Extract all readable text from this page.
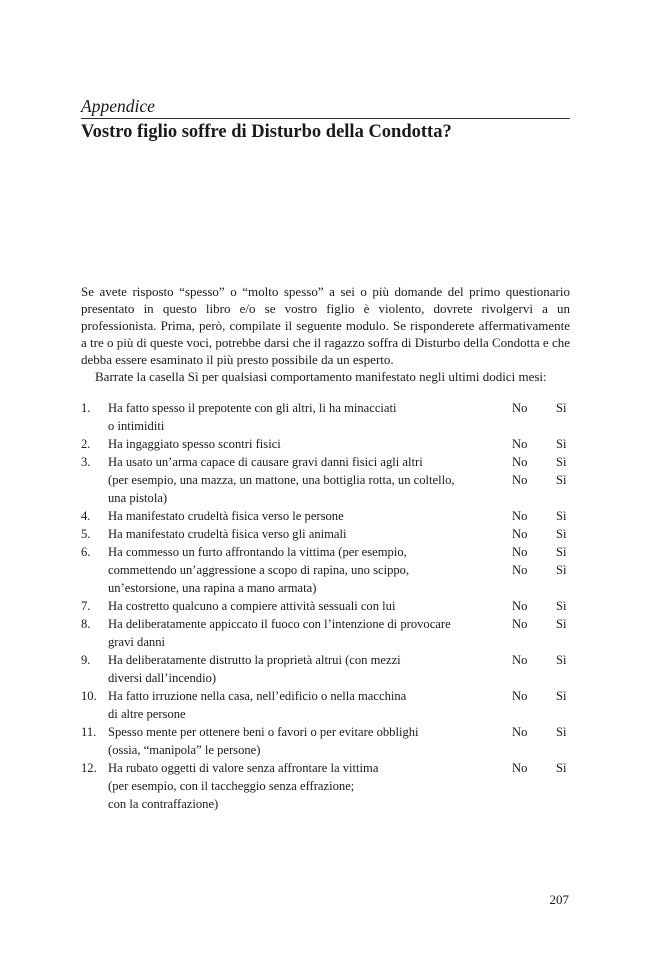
Appendice

Vostro figlio soffre di Disturbo della Condotta?

Se avete risposto “spesso” o “molto spesso” a sei o più domande del primo questionario presentato in questo libro e/o se vostro figlio è violento, dovrete rivolgervi a un professionista. Prima, però, compilate il seguente modulo. Se risponderete affermativamente a tre o più di queste voci, potrebbe darsi che il ragazzo soffra di Disturbo della Condotta e che debba essere esaminato il più presto possibile da un esperto.

Barrate la casella Sì per qualsiasi comportamento manifestato negli ultimi dodici mesi:

1.	Ha fatto spesso il prepotente con gli altri, li ha minacciati
o intimiditi
No	Sì
2.	Ha ingaggiato spesso scontri fisici	No	Sì
3.	Ha usato un’arma capace di causare gravi danni fisici agli altri
(per esempio, una mazza, un mattone, una bottiglia rotta, un coltello,
una pistola)
No	Sì
No	Sì
4.	Ha manifestato crudeltà fisica verso le persone	No	Sì
5.	Ha manifestato crudeltà fisica verso gli animali	No	Sì
6.	Ha commesso un furto affrontando la vittima (per esempio,
commettendo un’aggressione a scopo di rapina, uno scippo,
un’estorsione, una rapina a mano armata)
No	Sì
No	Sì
7.	Ha costretto qualcuno a compiere attività sessuali con lui	No	Sì
8.	Ha deliberatamente appiccato il fuoco con l’intenzione di provocare
gravi danni
No	Sì
9.	Ha deliberatamente distrutto la proprietà altrui (con mezzi
diversi dall’incendio)
No	Sì
10. Ha fatto irruzione nella casa, nell’edificio o nella macchina
di altre persone
No	Sì
11. Spesso mente per ottenere beni o favori o per evitare obblighi
(ossia, “manipola” le persone)
No	Sì
12. Ha rubato oggetti di valore senza affrontare la vittima
(per esempio, con il taccheggio senza effrazione;
con la contraffazione)
No	Sì
207
